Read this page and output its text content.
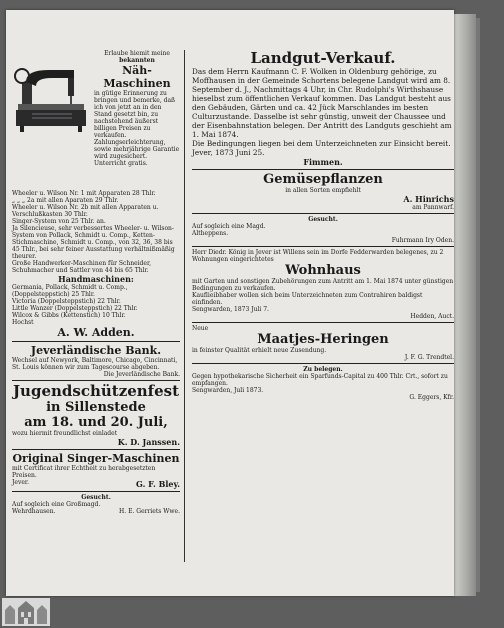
Erlaube hiemit meine

bekannten

Näh-Maschinen

in gütige Erinnerung zu bringen und bemerke, daß ich von jetzt an in den Stand gesetzt bin, zu nachstehend äußerst billigen Preisen zu verkaufen. Zahlungserleichterung, sowie mehrjährige Garantie wird zugesichert. Unterricht gratis.

Wheeler u. Wilson Nr. 1 mit Apparaten 28 Thlr.

„ „ „ 2a mit allen Aparaten 29 Thlr.

Wheeler u. Wilson Nr. 2b mit allen Apparaten u. Verschlußkasten 30 Thlr.

Singer-System von 25 Thlr. an.

Ja Silencieuse, sehr verbessertes Wheeler- u. Wilson-System von Pollack, Schmidt u. Comp., Ketten-Stichmaschine, Schmidt u. Comp., von 32, 36, 38 bis 45 Thlr., bei sehr feiner Ausstattung verhältnißmäßig theurer.

Große Handwerker-Maschinen für Schneider, Schuhmacher und Sattler von 44 bis 65 Thlr.

Handmaschinen:

Germania, Pollack, Schmidt u. Comp., (Doppelsteppstich) 25 Thlr.

Victoria (Doppelsteppstich) 22 Thlr.

Little Wanzer (Doppelsteppstich) 22 Thlr.

Wilcox & Gibbs (Kettenstich) 10 Thlr.

Hochst

A. W. Adden.

Jeverländische Bank.

Wechsel auf Newyork, Baltimore, Chicago, Cincinnati, St. Louis können wir zum Tagescourse abgeben.

Die Jeverländische Bank.

Jugendschützenfest

in Sillenstede

am 18. und 20. Juli,

wozu hiermit freundlichst einladet

K. D. Janssen.

Original Singer-Maschinen

mit Certificat ihrer Echtheit zu herabgesetzten Preisen.

Jever.	G. F. Bley.

Gesucht.

Auf sogleich eine Großmagd.

Wehrdhausen.	H. E. Gerriets Wwe.

Landgut-Verkauf.

Das dem Herrn Kaufmann C. F. Wolken in Oldenburg gehörige, zu Moffhausen in der Gemeinde Schortens belegene Landgut wird am 8. September d. J., Nachmittags 4 Uhr, in Chr. Rudolphi's Wirthshause hieselbst zum öffentlichen Verkauf kommen. Das Landgut besteht aus den Gebäuden, Gärten und ca. 42 Jück Marschlandes im besten Culturzustande. Dasselbe ist sehr günstig, unweit der Chaussee und der Eisenbahnstation belegen. Der Antritt des Landguts geschieht am 1. Mai 1874.

Die Bedingungen liegen bei dem Unterzeichneten zur Einsicht bereit.

Jever, 1873 Juni 25.

Fimmen.

Gemüsepflanzen

in allen Sorten empfiehlt

A. Hinrichs

am Pannwarf.

Gesucht.

Auf sogleich eine Magd.

Altheppens.

Fuhrmann Iry Oden.

Herr Diedr. König in Jever ist Willens sein im Dorfe Fedderwarden belegenes, zu 2 Wohnungen eingerichtetes

Wohnhaus

mit Garten und sonstigen Zubehörungen zum Antritt am 1. Mai 1874 unter günstigen Bedingungen zu verkaufen.

Kauflieibhaber wollen sich beim Unterzeichneten zum Contrahiren baldigst einfinden.

Sengwarden, 1873 Juli 7.

Hedden, Auct.

Neue

Maatjes-Heringen

in feinster Qualität erhielt neue Zusendung.

J. F. G. Trendtel.

Zu belegen.

Gegen hypothekarische Sicherheit ein Sparfunds-Capital zu 400 Thlr. Crt., sofort zu empfangen.

Sengwarden, Juli 1873.

G. Eggers, Kfr.
